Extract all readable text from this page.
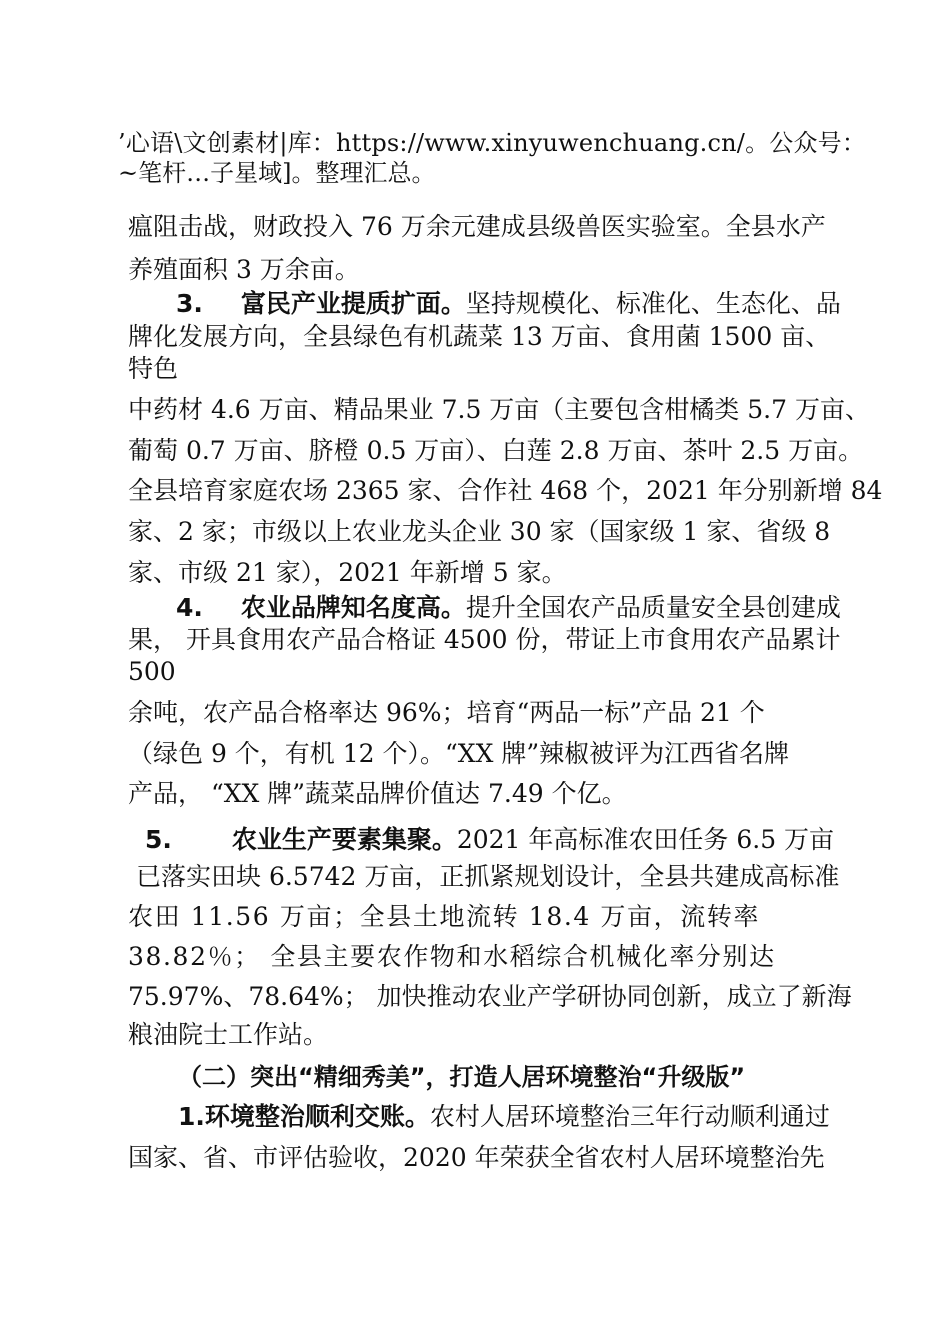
’心语\文创素材|库：https://www.xinyuwenchuang.cn/。公众号：
~笔杆…子星域]。整理汇总。
瘟阻击战，财政投入 76 万余元建成县级兽医实验室。全县水产
养殖面积 3 万余亩。
3. 富民产业提质扩面。坚持规模化、标准化、生态化、品
牌化发展方向，全县绿色有机蔬菜 13 万亩、食用菌 1500 亩、
特色
中药材 4.6 万亩、精品果业 7.5 万亩（主要包含柑橘类 5.7 万亩、
葡萄 0.7 万亩、脐橙 0.5 万亩）、白莲 2.8 万亩、茶叶 2.5 万亩。
全县培育家庭农场 2365 家、合作社 468 个，2021 年分别新增 84
家、2 家；市级以上农业龙头企业 30 家（国家级 1 家、省级 8
家、市级 21 家），2021 年新增 5 家。
4. 农业品牌知名度高。提升全国农产品质量安全县创建成
果， 开具食用农产品合格证 4500 份，带证上市食用农产品累计
500
余吨，农产品合格率达 96%；培育“两品一标”产品 21 个
（绿色 9 个，有机 12 个）。“XX 牌”辣椒被评为江西省名牌
产品， “XX 牌”蔬菜品牌价值达 7.49 个亿。
5. 农业生产要素集聚。2021 年高标准农田任务 6.5 万亩
已落实田块 6.5742 万亩，正抓紧规划设计，全县共建成高标准
农田 11.56 万亩；全县土地流转 18.4 万亩，流转率
38.82％； 全县主要农作物和水稻综合机械化率分别达
75.97%、78.64%； 加快推动农业产学研协同创新，成立了新海
粮油院士工作站。
（二）突出“精细秀美”，打造人居环境整治“升级版”
1.环境整治顺利交账。农村人居环境整治三年行动顺利通过
国家、省、市评估验收，2020 年荣获全省农村人居环境整治先
